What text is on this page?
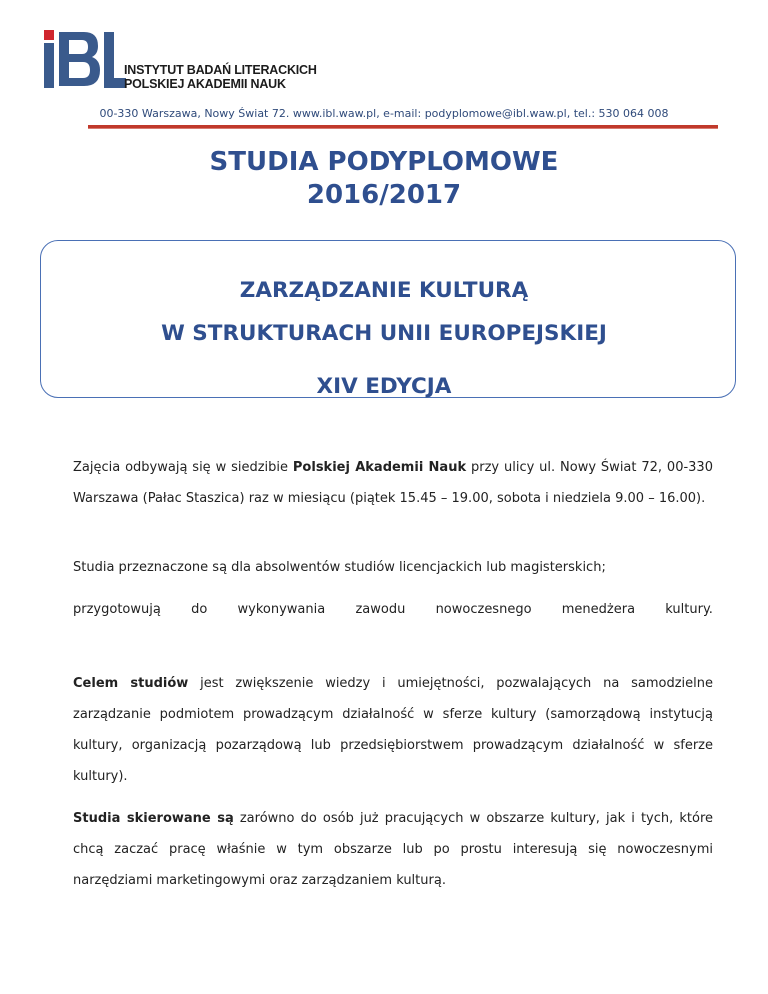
INSTYTUT BADAŃ LITERACKICH
POLSKIEJ AKADEMII NAUK
00-330 Warszawa, Nowy Świat 72. www.ibl.waw.pl, e-mail: podyplomowe@ibl.waw.pl, tel.: 530 064 008
STUDIA PODYPLOMOWE
2016/2017
ZARZĄDZANIE KULTURĄ
W STRUKTURACH UNII EUROPEJSKIEJ
XIV EDYCJA
Zajęcia odbywają się w siedzibie Polskiej Akademii Nauk przy ulicy ul. Nowy Świat 72, 00-330 Warszawa (Pałac Staszica) raz w miesiącu (piątek 15.45 – 19.00, sobota i niedziela 9.00 – 16.00).
Studia przeznaczone są dla absolwentów studiów licencjackich lub magisterskich;
przygotowują do wykonywania zawodu nowoczesnego menedżera kultury.
Celem studiów jest zwiększenie wiedzy i umiejętności, pozwalających na samodzielne zarządzanie podmiotem prowadzącym działalność w sferze kultury (samorządową instytucją kultury, organizacją pozarządową lub przedsiębiorstwem prowadzącym działalność w sferze kultury).
Studia skierowane są zarówno do osób już pracujących w obszarze kultury, jak i tych, które chcą zaczać pracę właśnie w tym obszarze lub po prostu interesują się nowoczesnymi narzędziami marketingowymi oraz zarządzaniem kulturą.
